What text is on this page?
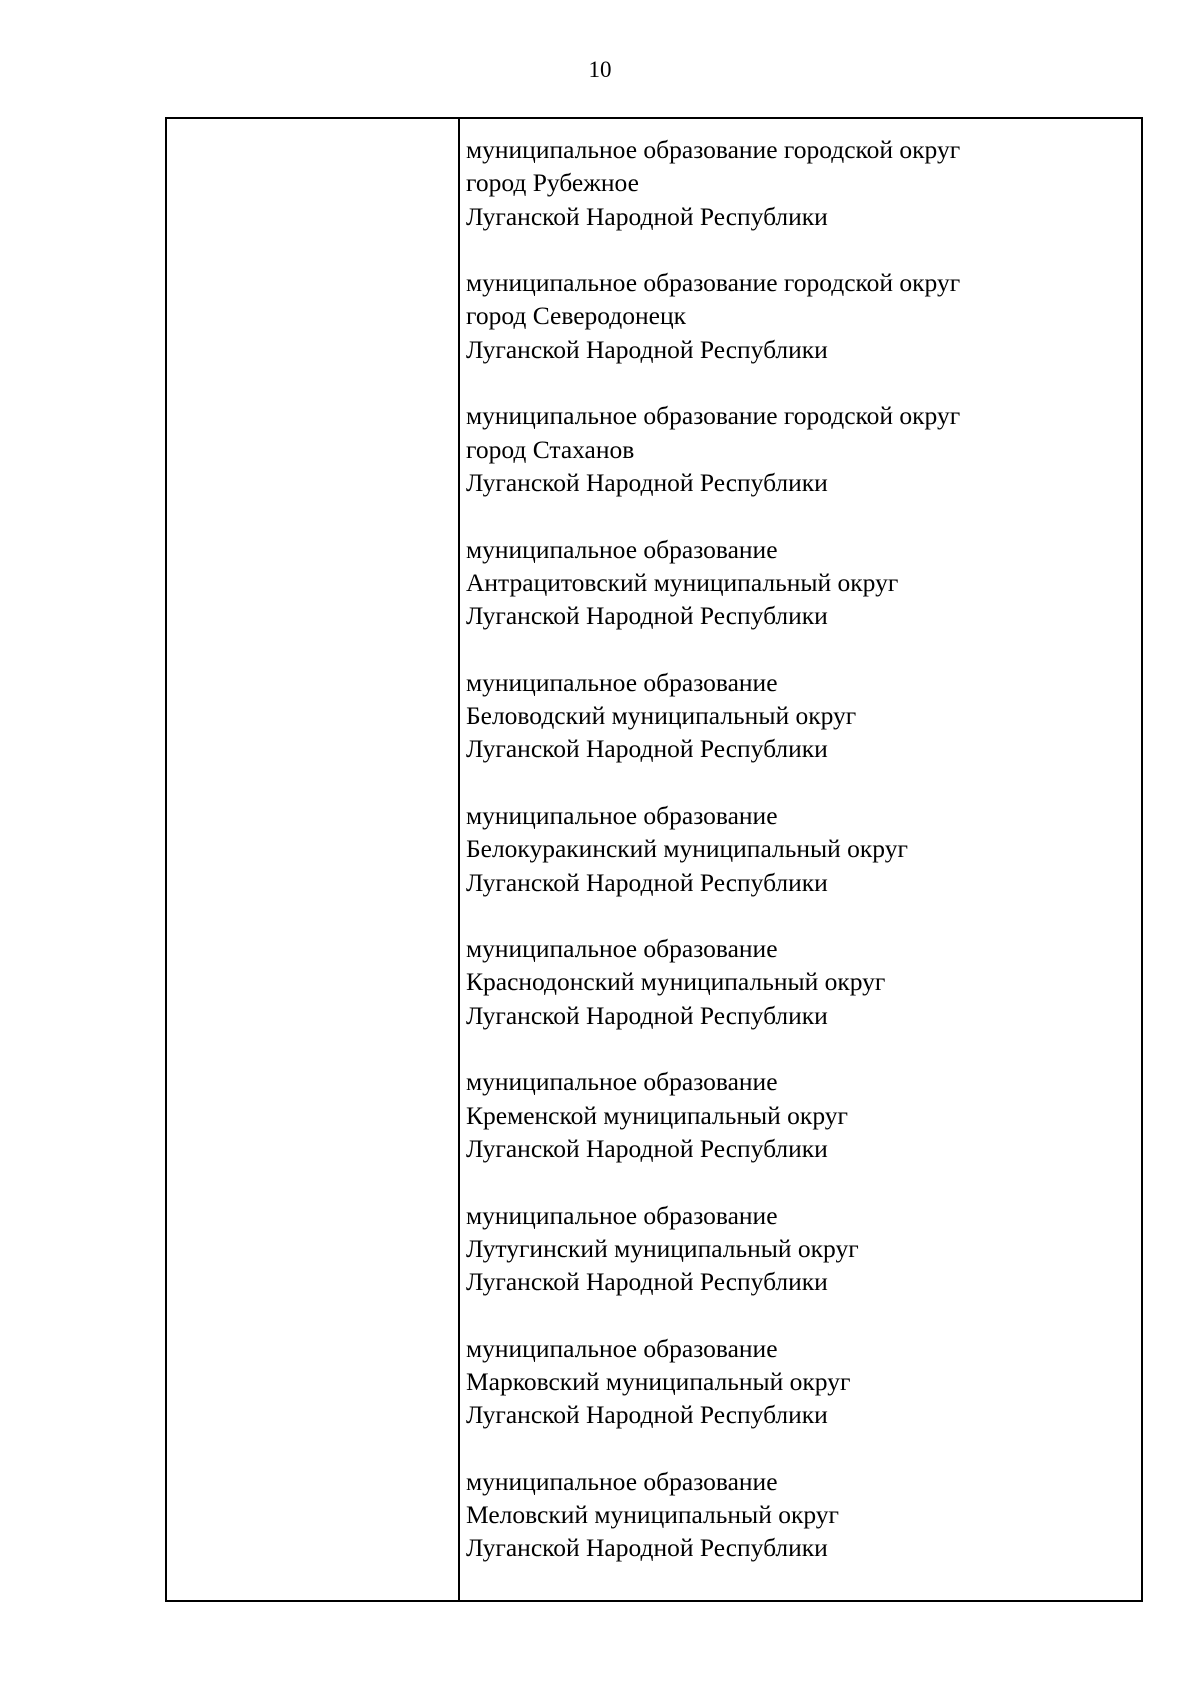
10
муниципальное образование городской округ
город Рубежное
Луганской Народной Республики
муниципальное образование городской округ
город Северодонецк
Луганской Народной Республики
муниципальное образование городской округ
город Стаханов
Луганской Народной Республики
муниципальное образование
Антрацитовский муниципальный округ
Луганской Народной Республики
муниципальное образование
Беловодский муниципальный округ
Луганской Народной Республики
муниципальное образование
Белокуракинский муниципальный округ
Луганской Народной Республики
муниципальное образование
Краснодонский муниципальный округ
Луганской Народной Республики
муниципальное образование
Кременской муниципальный округ
Луганской Народной Республики
муниципальное образование
Лутугинский муниципальный округ
Луганской Народной Республики
муниципальное образование
Марковский муниципальный округ
Луганской Народной Республики
муниципальное образование
Меловский муниципальный округ
Луганской Народной Республики
